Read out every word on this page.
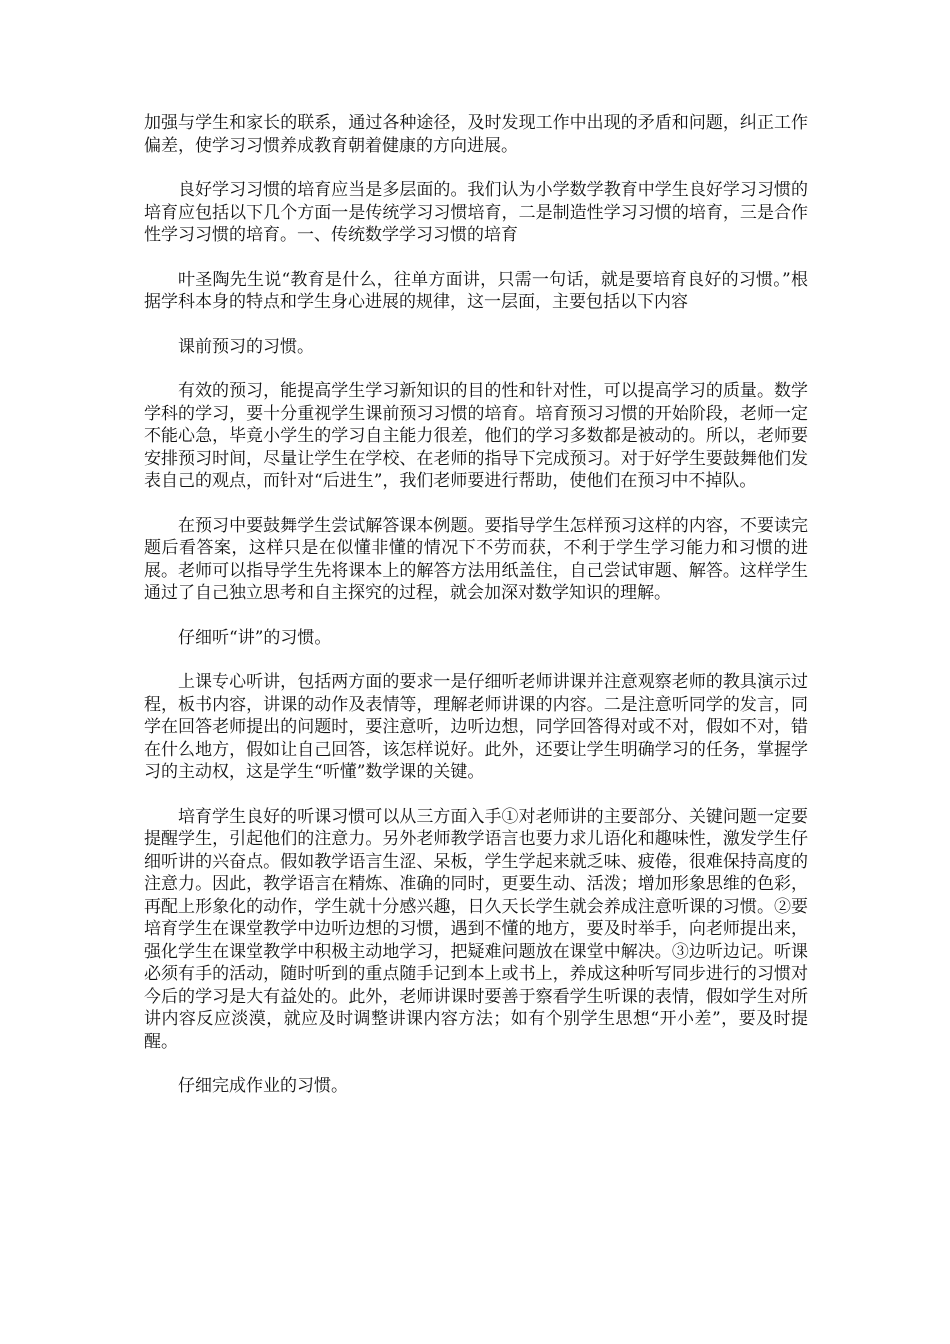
加强与学生和家长的联系，通过各种途径，及时发现工作中出现的矛盾和问题，纠正工作偏差，使学习习惯养成教育朝着健康的方向进展。

良好学习习惯的培育应当是多层面的。我们认为小学数学教育中学生良好学习习惯的培育应包括以下几个方面一是传统学习习惯培育，二是制造性学习习惯的培育，三是合作性学习习惯的培育。一、传统数学学习习惯的培育

叶圣陶先生说“教育是什么，往单方面讲，只需一句话，就是要培育良好的习惯。”根据学科本身的特点和学生身心进展的规律，这一层面，主要包括以下内容

课前预习的习惯。

有效的预习，能提高学生学习新知识的目的性和针对性，可以提高学习的质量。数学学科的学习，要十分重视学生课前预习习惯的培育。培育预习习惯的开始阶段，老师一定不能心急，毕竟小学生的学习自主能力很差，他们的学习多数都是被动的。所以，老师要安排预习时间，尽量让学生在学校、在老师的指导下完成预习。对于好学生要鼓舞他们发表自己的观点，而针对“后进生”，我们老师要进行帮助，使他们在预习中不掉队。

在预习中要鼓舞学生尝试解答课本例题。要指导学生怎样预习这样的内容，不要读完题后看答案，这样只是在似懂非懂的情况下不劳而获，不利于学生学习能力和习惯的进展。老师可以指导学生先将课本上的解答方法用纸盖住，自己尝试审题、解答。这样学生通过了自己独立思考和自主探究的过程，就会加深对数学知识的理解。

仔细听“讲”的习惯。

上课专心听讲，包括两方面的要求一是仔细听老师讲课并注意观察老师的教具演示过程，板书内容，讲课的动作及表情等，理解老师讲课的内容。二是注意听同学的发言，同学在回答老师提出的问题时，要注意听，边听边想，同学回答得对或不对，假如不对，错在什么地方，假如让自己回答，该怎样说好。此外，还要让学生明确学习的任务，掌握学习的主动权，这是学生“听懂”数学课的关键。

培育学生良好的听课习惯可以从三方面入手①对老师讲的主要部分、关键问题一定要提醒学生，引起他们的注意力。另外老师教学语言也要力求儿语化和趣味性，激发学生仔细听讲的兴奋点。假如教学语言生涩、呆板，学生学起来就乏味、疲倦，很难保持高度的注意力。因此，教学语言在精炼、准确的同时，更要生动、活泼；增加形象思维的色彩，再配上形象化的动作，学生就十分感兴趣，日久天长学生就会养成注意听课的习惯。②要培育学生在课堂教学中边听边想的习惯，遇到不懂的地方，要及时举手，向老师提出来，强化学生在课堂教学中积极主动地学习，把疑难问题放在课堂中解决。③边听边记。听课必须有手的活动，随时听到的重点随手记到本上或书上，养成这种听写同步进行的习惯对今后的学习是大有益处的。此外，老师讲课时要善于察看学生听课的表情，假如学生对所讲内容反应淡漠，就应及时调整讲课内容方法；如有个别学生思想“开小差”，要及时提醒。

仔细完成作业的习惯。
